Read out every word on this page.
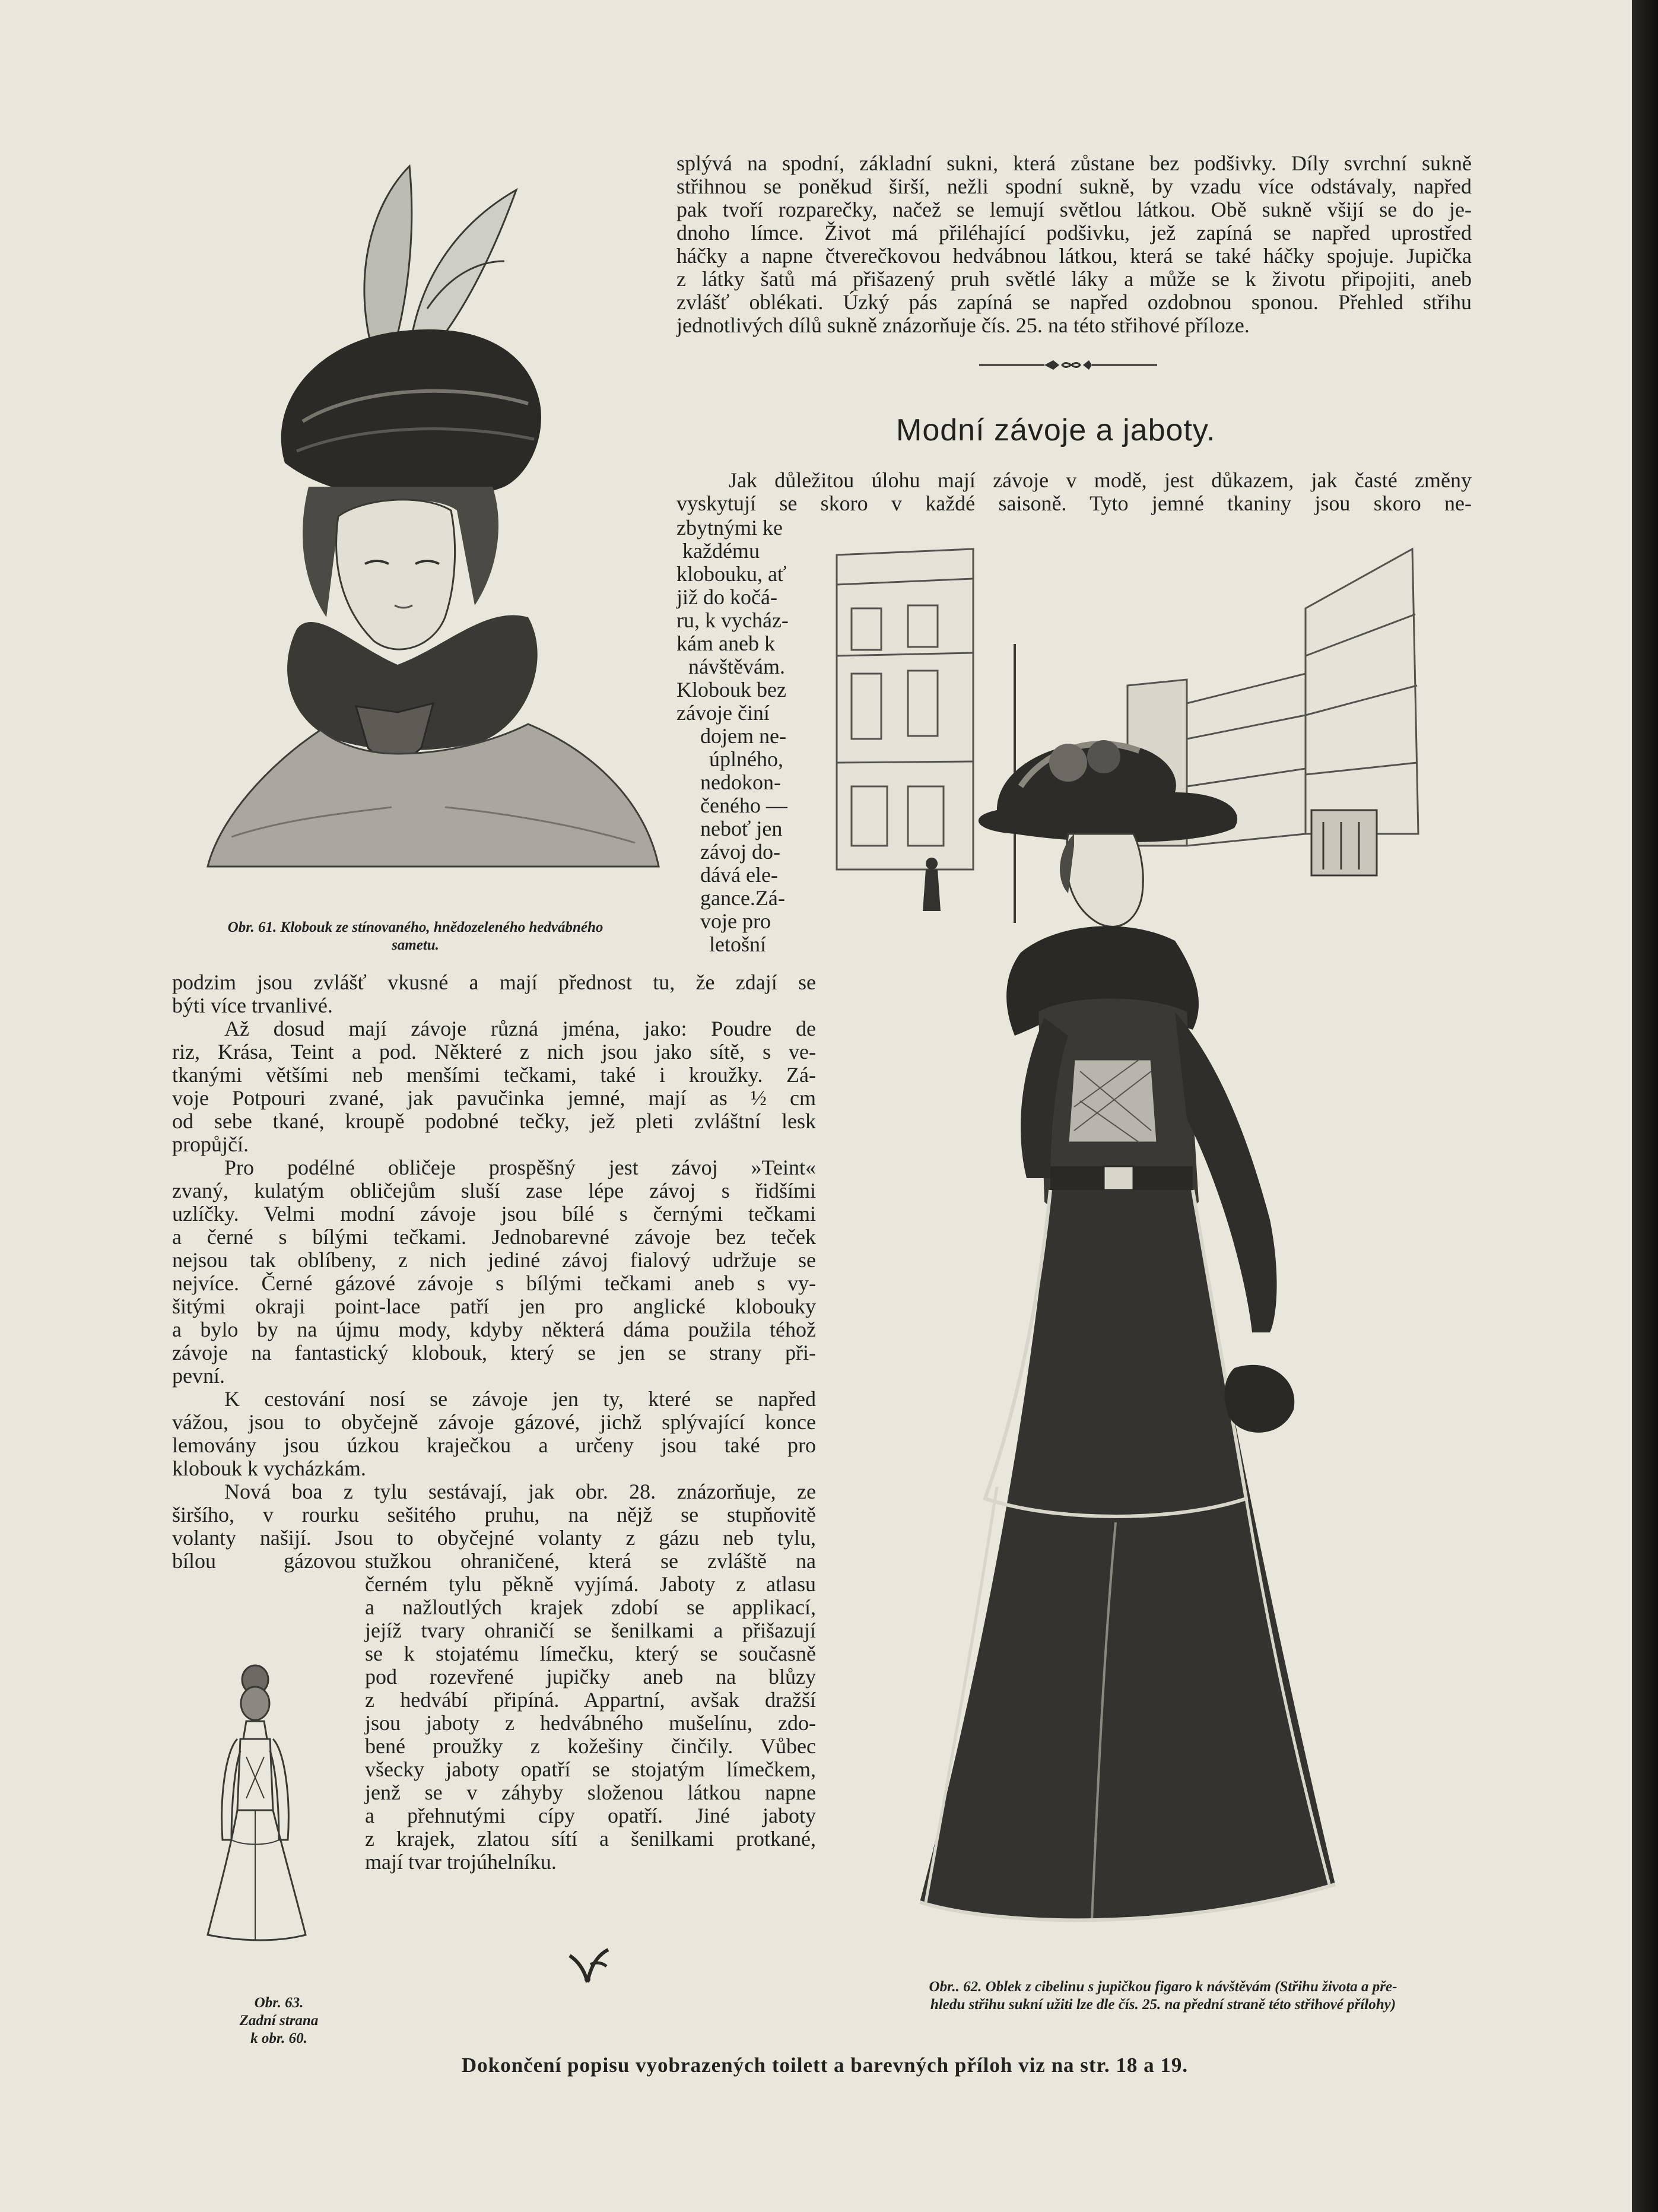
Obr. 61. Klobouk ze stínovaného, hnědozeleného hedvábného
sametu.

splývá na spodní, základní sukni, která zůstane bez podšivky. Díly svrchní sukně

střihnou se poněkud širší, nežli spodní sukně, by vzadu více odstávaly, napřed

pak tvoří rozparečky, načež se lemují světlou látkou. Obě sukně všijí se do je-

dnoho límce. Život má přiléhající podšivku, jež zapíná se napřed uprostřed

háčky a napne čtverečkovou hedvábnou látkou, která se také háčky spojuje. Jupička

z látky šatů má přišazený pruh světlé láky a může se k životu připojiti, aneb

zvlášť oblékati. Úzký pás zapíná se napřed ozdobnou sponou. Přehled střihu

jednotlivých dílů sukně znázorňuje čís. 25. na této střihové příloze.

Modní závoje a jaboty.

Jak důležitou úlohu mají závoje v modě, jest důkazem, jak časté změny

vyskytují se skoro v každé saisoně. Tyto jemné tkaniny jsou skoro ne-

zbytnými ke

každému

klobouku, ať

již do kočá-

ru, k vycház-

kám aneb k

návštěvám.

Klobouk bez

závoje činí

dojem ne-

úplného,

nedokon-

čeného —

neboť jen

závoj do-

dává ele-

gance.Zá-

voje pro

letošní

podzim jsou zvlášť vkusné a mají přednost tu, že zdají se

býti více trvanlivé.

Až dosud mají závoje různá jména, jako: Poudre de

riz, Krása, Teint a pod. Některé z nich jsou jako sítě, s ve-

tkanými většími neb menšími tečkami, také i kroužky. Zá-

voje Potpouri zvané, jak pavučinka jemné, mají as ½ cm

od sebe tkané, kroupě podobné tečky, jež pleti zvláštní lesk

propůjčí.

Pro podélné obličeje prospěšný jest závoj »Teint«

zvaný, kulatým obličejům sluší zase lépe závoj s řidšími

uzlíčky. Velmi modní závoje jsou bílé s černými tečkami

a černé s bílými tečkami. Jednobarevné závoje bez teček

nejsou tak oblíbeny, z nich jediné závoj fialový udržuje se

nejvíce. Černé gázové závoje s bílými tečkami aneb s vy-

šitými okraji point-lace patří jen pro anglické klobouky

a bylo by na újmu mody, kdyby některá dáma použila téhož

závoje na fantastický klobouk, který se jen se strany při-

pevní.

K cestování nosí se závoje jen ty, které se napřed

vážou, jsou to obyčejně závoje gázové, jichž splývající konce

lemovány jsou úzkou kraječkou a určeny jsou také pro

klobouk k vycházkám.

Nová boa z tylu sestávají, jak obr. 28. znázorňuje, ze

širšího, v rourku sešitého pruhu, na nějž se stupňovitě

volanty našijí. Jsou to obyčejné volanty z gázu neb tylu,

bílou gázovou stužkou ohraničené, která se zvláště na

černém tylu pěkně vyjímá. Jaboty z atlasu

a nažloutlých krajek zdobí se applikací,

jejíž tvary ohraničí se šenilkami a přišazují

se k stojatému límečku, který se současně

pod rozevřené jupičky aneb na blůzy

z hedvábí připíná. Appartní, avšak dražší

jsou jaboty z hedvábného mušelínu, zdo-

bené proužky z kožešiny činčily. Vůbec

všecky jaboty opatří se stojatým límečkem,

jenž se v záhyby složenou látkou napne

a přehnutými cípy opatří. Jiné jaboty

z krajek, zlatou sítí a šenilkami protkané,

mají tvar trojúhelníku.

Obr. 63.
Zadní strana
k obr. 60.
Obr.. 62. Oblek z cibelinu s jupičkou figaro k návštěvám (Střihu života a pře-
hledu střihu sukní užiti lze dle čís. 25. na přední straně této střihové přílohy)

Dokončení popisu vyobrazených toilett a barevných příloh viz na str. 18 a 19.
